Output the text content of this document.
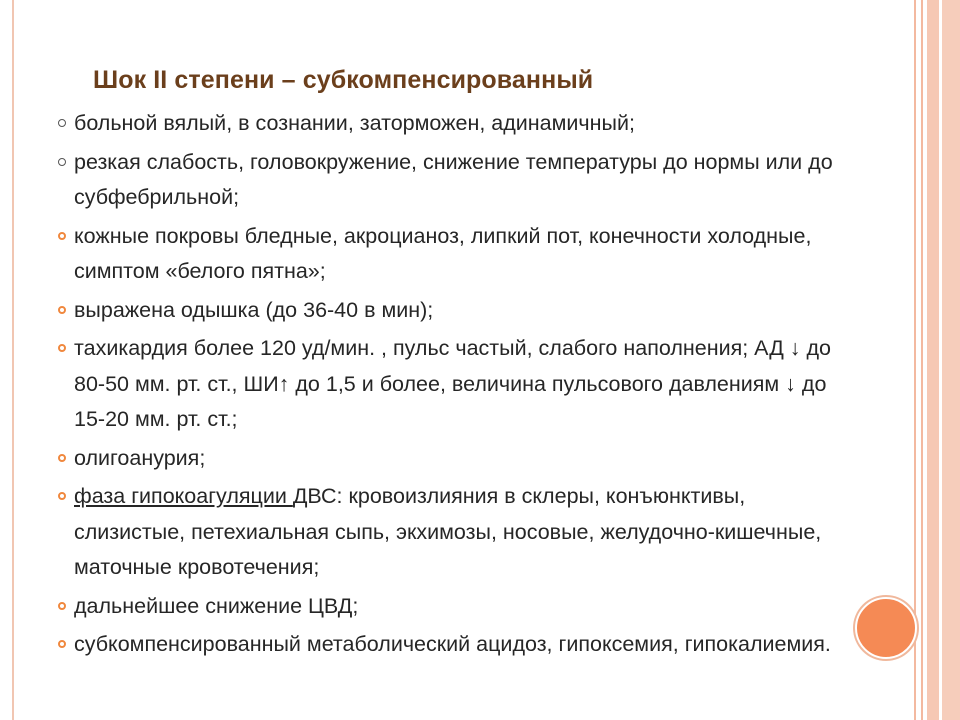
Шок II степени – субкомпенсированный
больной вялый, в сознании, заторможен, адинамичный;
резкая слабость, головокружение, снижение температуры до нормы или до субфебрильной;
кожные покровы бледные, акроцианоз, липкий пот, конечности холодные, симптом «белого пятна»;
выражена одышка (до 36-40 в мин);
тахикардия более 120 уд/мин. , пульс частый, слабого наполнения; АД ↓ до 80-50 мм. рт. ст., ШИ↑ до 1,5 и более, величина пульсового давлениям ↓ до 15-20 мм. рт. ст.;
олигоанурия;
фаза гипокоагуляции ДВС: кровоизлияния в склеры, конъюнктивы, слизистые, петехиальная сыпь, экхимозы, носовые, желудочно-кишечные, маточные кровотечения;
дальнейшее снижение ЦВД;
субкомпенсированный метаболический ацидоз, гипоксемия, гипокалиемия.
